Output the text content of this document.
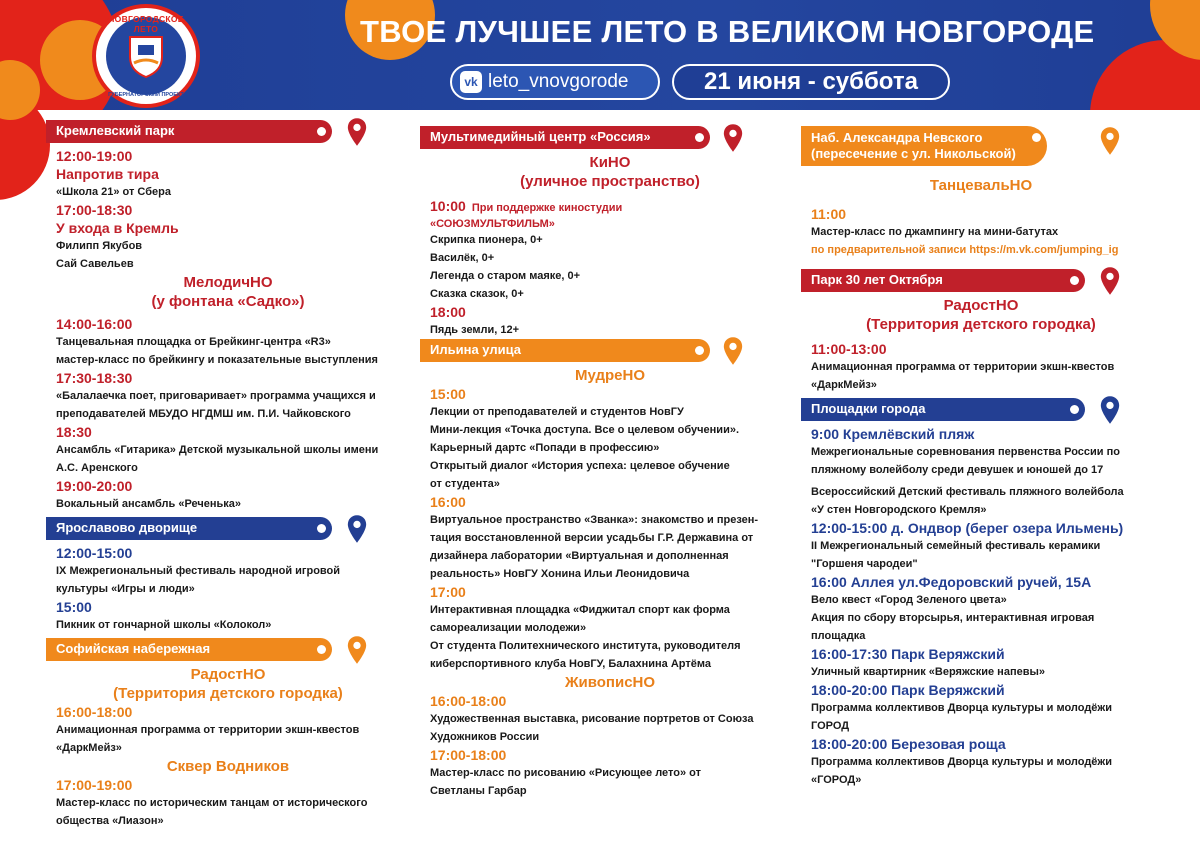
ТВОЕ ЛУЧШЕЕ ЛЕТО В ВЕЛИКОМ НОВГОРОДЕ
vk leto_vnovgorode	21 июня - суббота
НОВГОРОДСКОЕ ЛЕТО
ГУБЕРНАТОРСКИЙ ПРОЕКТ
Кремлевский парк
12:00-19:00
Напротив тира
«Школа 21» от Сбера
17:00-18:30
У входа в Кремль
Филипп Якубов
Сай Савельев
МелодичНО
(у фонтана «Садко»)
14:00-16:00
Танцевальная площадка от Брейкинг-центра «R3»
мастер-класс по брейкингу и показательные выступления
17:30-18:30
«Балалаечка поет, приговаривает» программа учащихся и
преподавателей МБУДО НГДМШ им. П.И. Чайковского
18:30
Ансамбль «Гитарика» Детской музыкальной школы имени
А.С. Аренского
19:00-20:00
Вокальный ансамбль «Реченька»
Ярославово дворище
12:00-15:00
IX Межрегиональный фестиваль народной игровой
культуры «Игры и люди»
15:00
Пикник от гончарной школы «Колокол»
Софийская набережная
РадостНО
(Территория детского городка)
16:00-18:00
Анимационная программа от территории экшн-квестов
«ДаркМейз»
Сквер Водников
17:00-19:00
Мастер-класс по историческим танцам от исторического
общества «Лиазон»
Мультимедийный центр «Россия»
КиНО
(уличное пространство)
10:00 При поддержке киностудии
«СОЮЗМУЛЬТФИЛЬМ»
Скрипка пионера, 0+
Василёк, 0+
Легенда о старом маяке, 0+
Сказка сказок, 0+
18:00
Пядь земли, 12+
Ильина улица
МудреНО
15:00
Лекции от преподавателей и студентов НовГУ
Мини-лекция «Точка доступа. Все о целевом обучении».
Карьерный дартс «Попади в профессию»
Открытый диалог «История успеха: целевое обучение
от студента»
16:00
Виртуальное пространство «Званка»: знакомство и презен-
тация восстановленной версии усадьбы Г.Р. Державина от
дизайнера лаборатории «Виртуальная и дополненная
реальность» НовГУ Хонина Ильи Леонидовича
17:00
Интерактивная площадка «Фиджитал спорт как форма
самореализации молодежи»
От студента Политехнического института, руководителя
киберспортивного клуба НовГУ, Балахнина Артёма
ЖивописНО
16:00-18:00
Художественная выставка, рисование портретов от Союза
Художников России
17:00-18:00
Мастер-класс по рисованию «Рисующее лето» от
Светланы Гарбар
Наб. Александра Невского
(пересечение с ул. Никольской)
ТанцевальНО
11:00
Мастер-класс по джампингу на мини-батутах
по предварительной записи https://m.vk.com/jumping_ig
Парк 30 лет Октября
РадостНО
(Территория детского городка)
11:00-13:00
Анимационная программа от территории экшн-квестов
«ДаркМейз»
Площадки города
9:00 Кремлёвский пляж
Межрегиональные соревнования первенства России по
пляжному волейболу среди девушек и юношей до 17
Всероссийский Детский фестиваль пляжного волейбола
«У стен Новгородского Кремля»
12:00-15:00 д. Ондвор (берег озера Ильмень)
II Межрегиональный семейный фестиваль керамики
"Горшеня чародеи"
16:00 Аллея ул.Федоровский ручей, 15А
Вело квест «Город Зеленого цвета»
Акция по сбору вторсырья, интерактивная игровая
площадка
16:00-17:30 Парк Веряжский
Уличный квартирник «Веряжские напевы»
18:00-20:00 Парк Веряжский
Программа коллективов Дворца культуры и молодёжи
ГОРОД
18:00-20:00 Березовая роща
Программа коллективов Дворца культуры и молодёжи
«ГОРОД»
